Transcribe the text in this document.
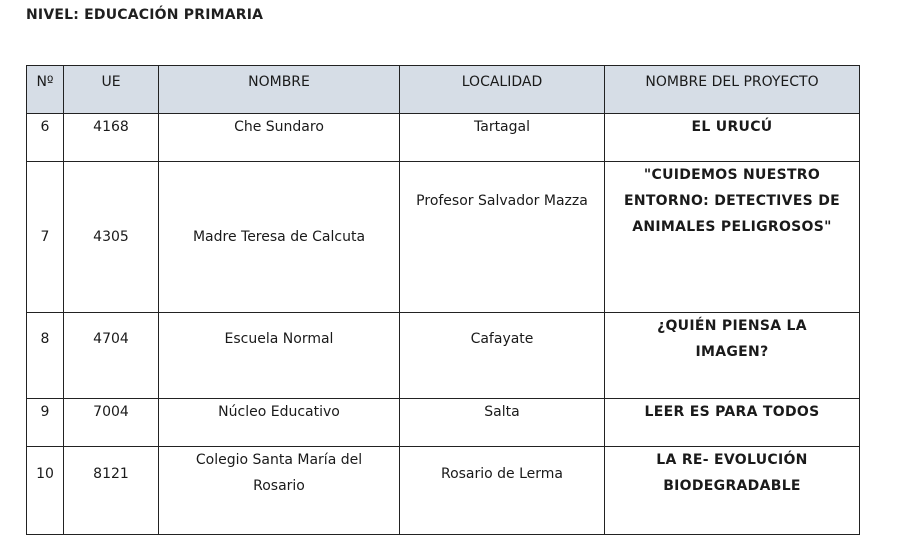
NIVEL: EDUCACIÓN PRIMARIA
Nº	UE	NOMBRE	LOCALIDAD	NOMBRE DEL PROYECTO
6	4168	Che Sundaro	Tartagal	EL URUCÚ
7	4305	Madre Teresa de Calcuta	Profesor Salvador Mazza	"CUIDEMOS NUESTRO ENTORNO: DETECTIVES DE ANIMALES PELIGROSOS"
8	4704	Escuela Normal	Cafayate	¿QUIÉN PIENSA LA IMAGEN?
9	7004	Núcleo Educativo	Salta	LEER ES PARA TODOS
10	8121	Colegio Santa María del Rosario	Rosario de Lerma	LA RE- EVOLUCIÓN BIODEGRADABLE
